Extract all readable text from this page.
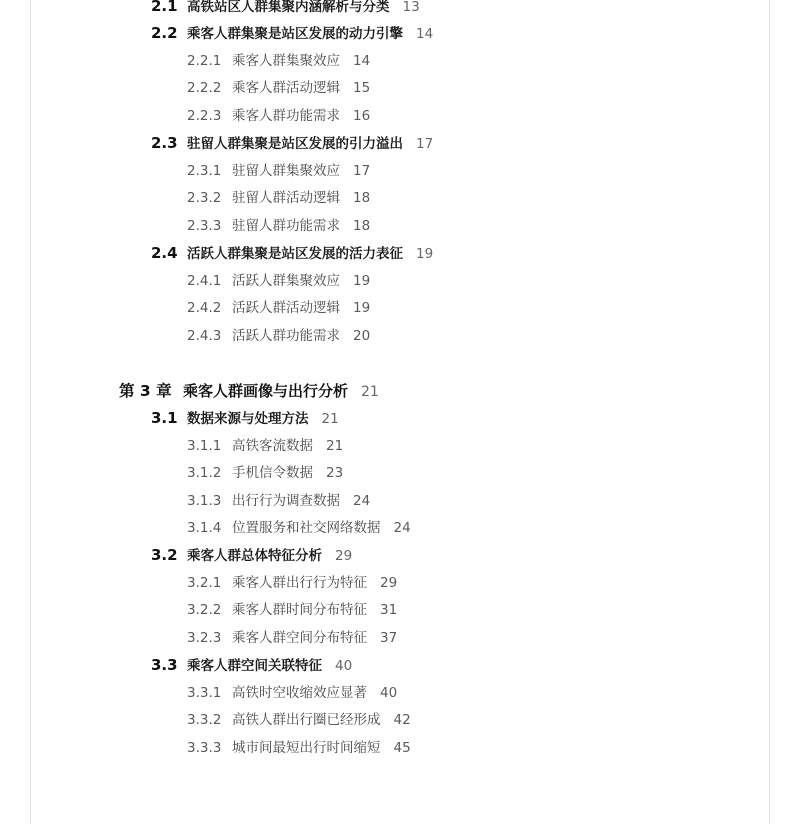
2.1 高铁站区人群集聚内涵解析与分类 13
2.2 乘客人群集聚是站区发展的动力引擎 14
2.2.1 乘客人群集聚效应 14
2.2.2 乘客人群活动逻辑 15
2.2.3 乘客人群功能需求 16
2.3 驻留人群集聚是站区发展的引力溢出 17
2.3.1 驻留人群集聚效应 17
2.3.2 驻留人群活动逻辑 18
2.3.3 驻留人群功能需求 18
2.4 活跃人群集聚是站区发展的活力表征 19
2.4.1 活跃人群集聚效应 19
2.4.2 活跃人群活动逻辑 19
2.4.3 活跃人群功能需求 20
第 3 章 乘客人群画像与出行分析 21
3.1 数据来源与处理方法 21
3.1.1 高铁客流数据 21
3.1.2 手机信令数据 23
3.1.3 出行行为调查数据 24
3.1.4 位置服务和社交网络数据 24
3.2 乘客人群总体特征分析 29
3.2.1 乘客人群出行行为特征 29
3.2.2 乘客人群时间分布特征 31
3.2.3 乘客人群空间分布特征 37
3.3 乘客人群空间关联特征 40
3.3.1 高铁时空收缩效应显著 40
3.3.2 高铁人群出行圈已经形成 42
3.3.3 城市间最短出行时间缩短 45
